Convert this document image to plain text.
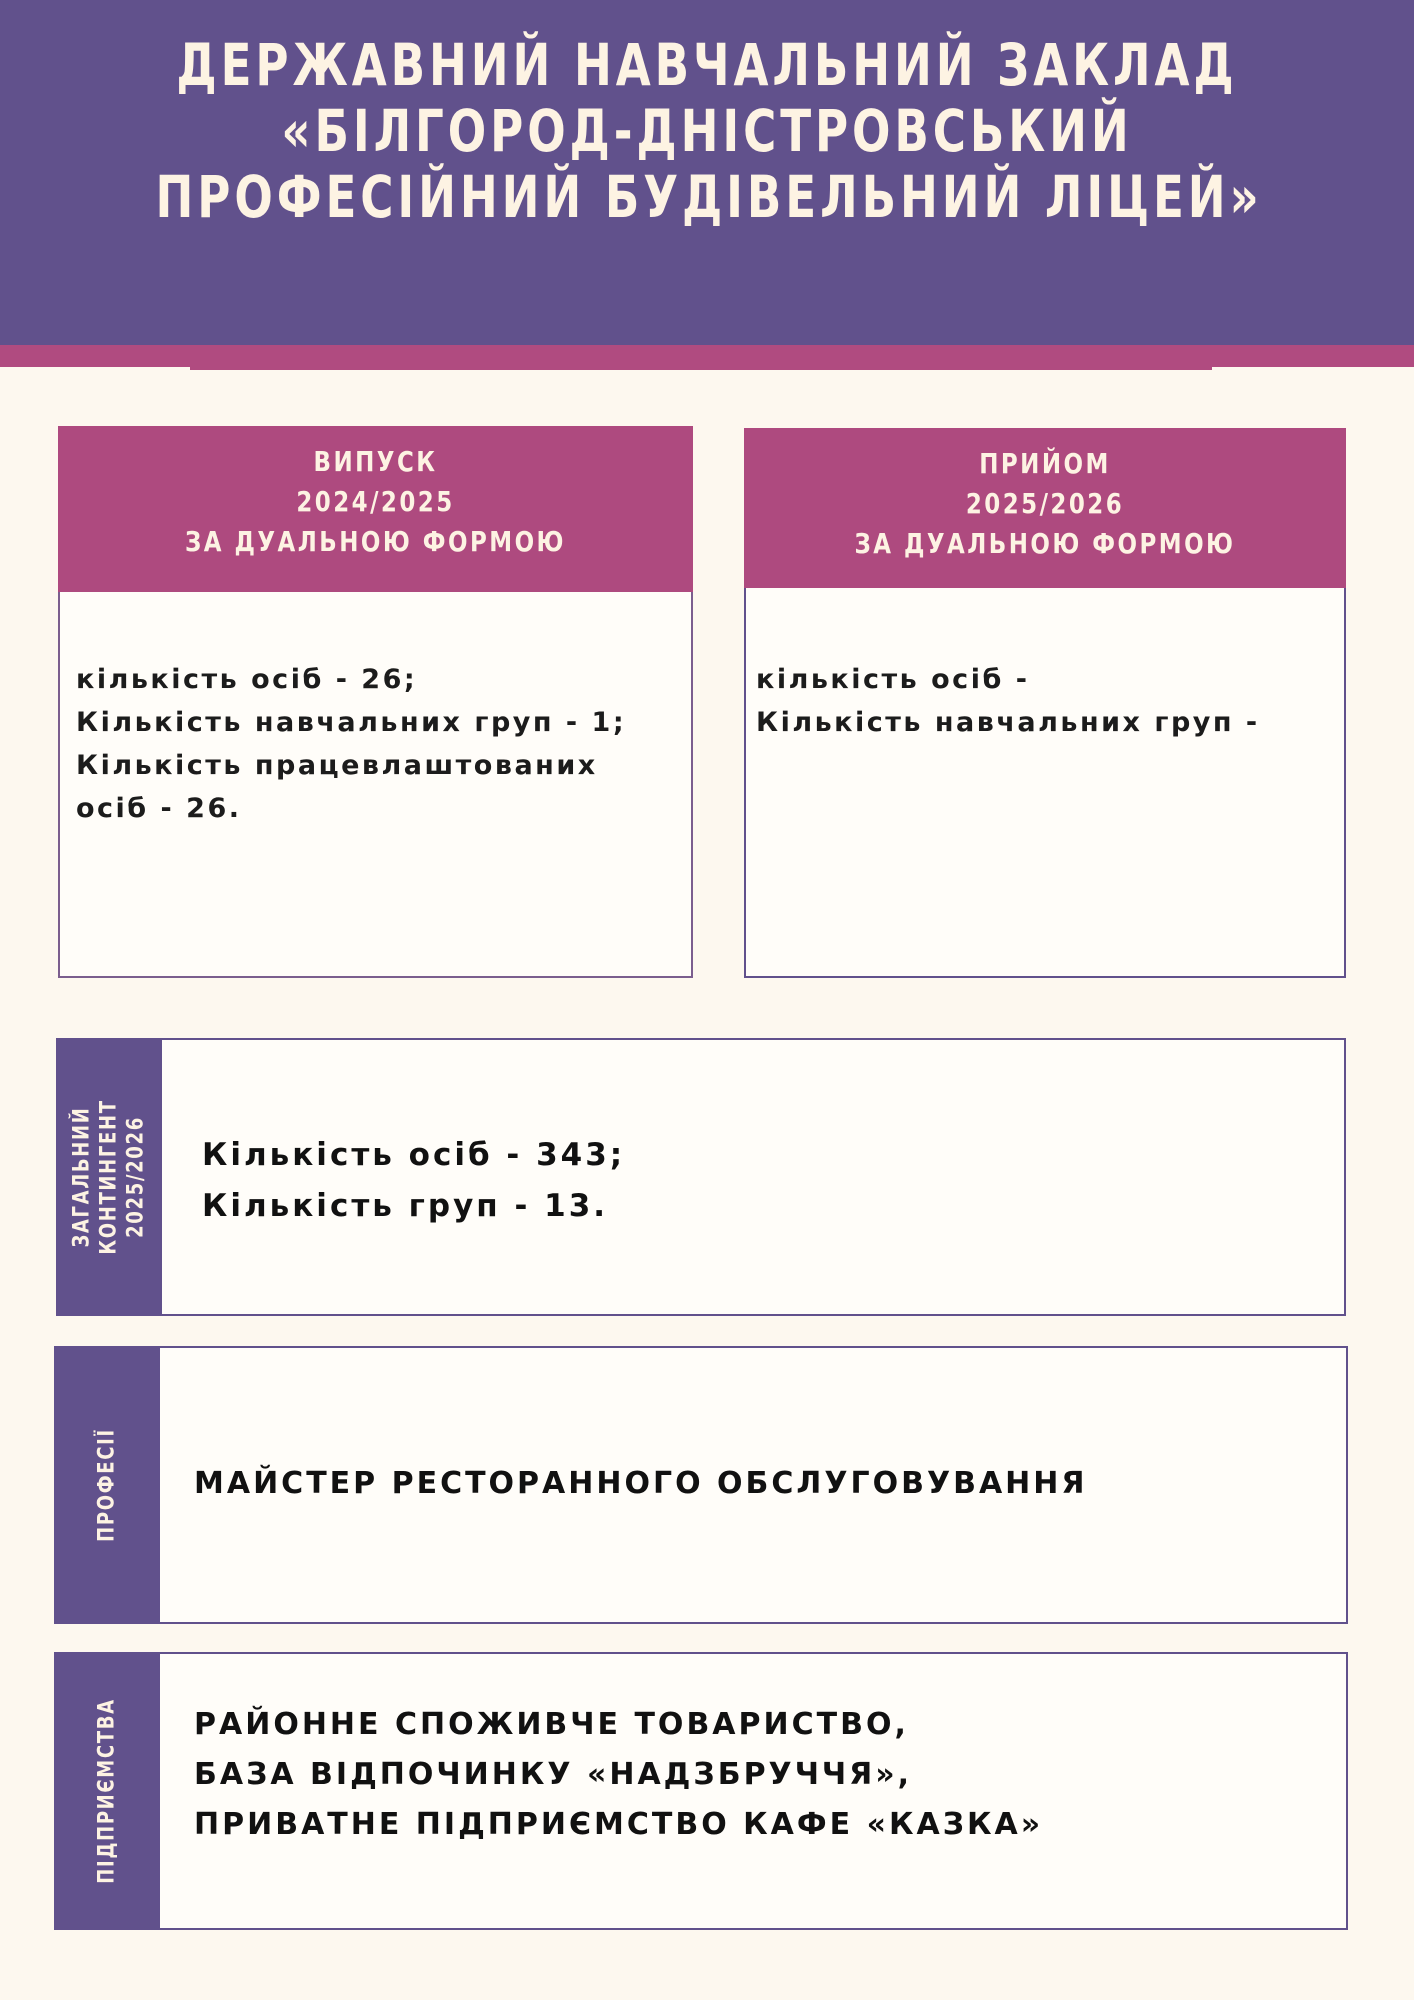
ДЕРЖАВНИЙ НАВЧАЛЬНИЙ ЗАКЛАД
«БІЛГОРОД-ДНІСТРОВСЬКИЙ
ПРОФЕСІЙНИЙ БУДІВЕЛЬНИЙ ЛІЦЕЙ»
ВИПУСК
2024/2025
ЗА ДУАЛЬНОЮ ФОРМОЮ
кількість осіб - 26;
Кількість навчальних груп - 1;
Кількість працевлаштованих
осіб - 26.
ПРИЙОМ
2025/2026
ЗА ДУАЛЬНОЮ ФОРМОЮ
кількість осіб -
Кількість навчальних груп -
ЗАГАЛЬНИЙ КОНТИНГЕНТ 2025/2026 Кількість осіб - 343;
Кількість груп - 13.
ПРОФЕСІЇ МАЙСТЕР РЕСТОРАННОГО ОБСЛУГОВУВАННЯ
ПІДПРИЄМСТВА РАЙОННЕ СПОЖИВЧЕ ТОВАРИСТВО,
БАЗА ВІДПОЧИНКУ «НАДЗБРУЧЧЯ»,
ПРИВАТНЕ ПІДПРИЄМСТВО КАФЕ «КАЗКА»
